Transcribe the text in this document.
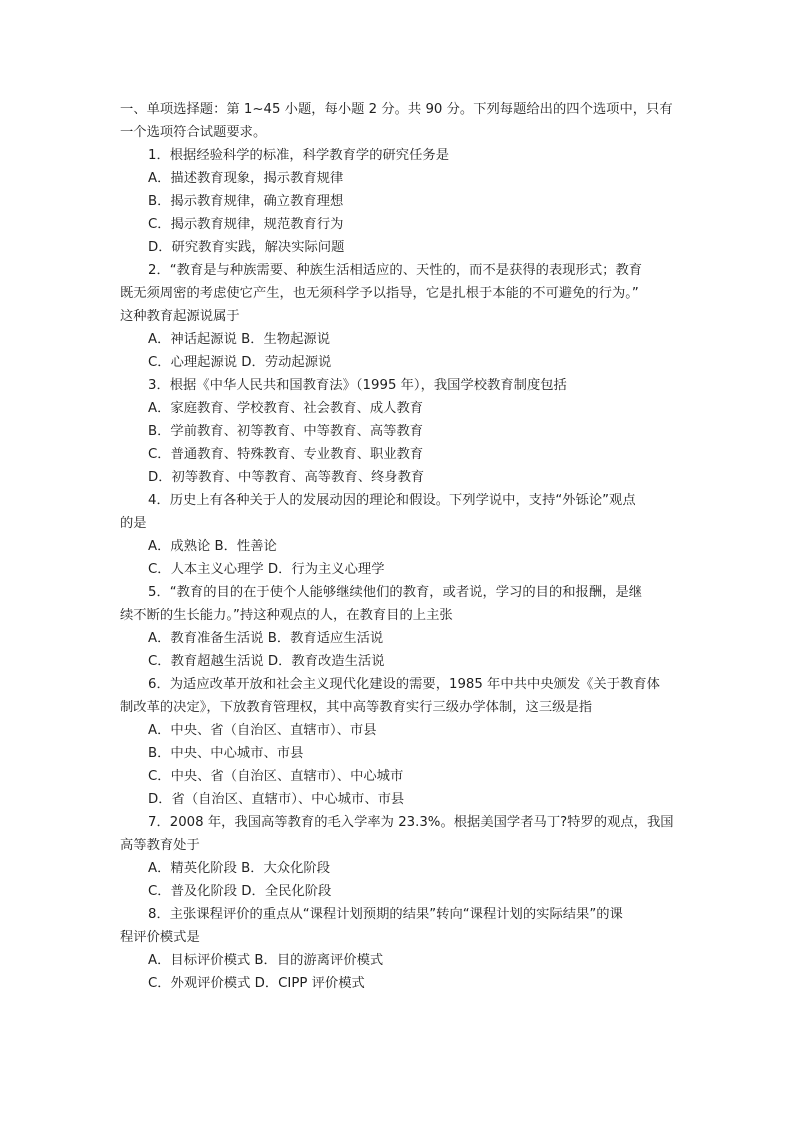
一、单项选择题：第 1~45 小题，每小题 2 分。共 90 分。下列每题给出的四个选项中，只有
一个选项符合试题要求。
1．根据经验科学的标准，科学教育学的研究任务是
A．描述教育现象，揭示教育规律
B．揭示教育规律，确立教育理想
C．揭示教育规律，规范教育行为
D．研究教育实践，解决实际问题
2．“教育是与种族需要、种族生活相适应的、天性的，而不是获得的表现形式；教育
既无须周密的考虑使它产生，也无须科学予以指导，它是扎根于本能的不可避免的行为。”
这种教育起源说属于
A．神话起源说 B．生物起源说
C．心理起源说 D．劳动起源说
3．根据《中华人民共和国教育法》（1995 年），我国学校教育制度包括
A．家庭教育、学校教育、社会教育、成人教育
B．学前教育、初等教育、中等教育、高等教育
C．普通教育、特殊教育、专业教育、职业教育
D．初等教育、中等教育、高等教育、终身教育
4．历史上有各种关于人的发展动因的理论和假设。下列学说中，支持“外铄论”观点
的是
A．成熟论 B．性善论
C．人本主义心理学 D．行为主义心理学
5．“教育的目的在于使个人能够继续他们的教育，或者说，学习的目的和报酬，是继
续不断的生长能力。”持这种观点的人，在教育目的上主张
A．教育准备生活说 B．教育适应生活说
C．教育超越生活说 D．教育改造生活说
6．为适应改革开放和社会主义现代化建设的需要，1985 年中共中央颁发《关于教育体
制改革的决定》，下放教育管理权，其中高等教育实行三级办学体制，这三级是指
A．中央、省（自治区、直辖市）、市县
B．中央、中心城市、市县
C．中央、省（自治区、直辖市）、中心城市
D．省（自治区、直辖市）、中心城市、市县
7．2008 年，我国高等教育的毛入学率为 23.3%。根据美国学者马丁?特罗的观点，我国
高等教育处于
A．精英化阶段 B．大众化阶段
C．普及化阶段 D．全民化阶段
8．主张课程评价的重点从“课程计划预期的结果”转向“课程计划的实际结果”的课
程评价模式是
A．目标评价模式 B．目的游离评价模式
C．外观评价模式 D．CIPP 评价模式
